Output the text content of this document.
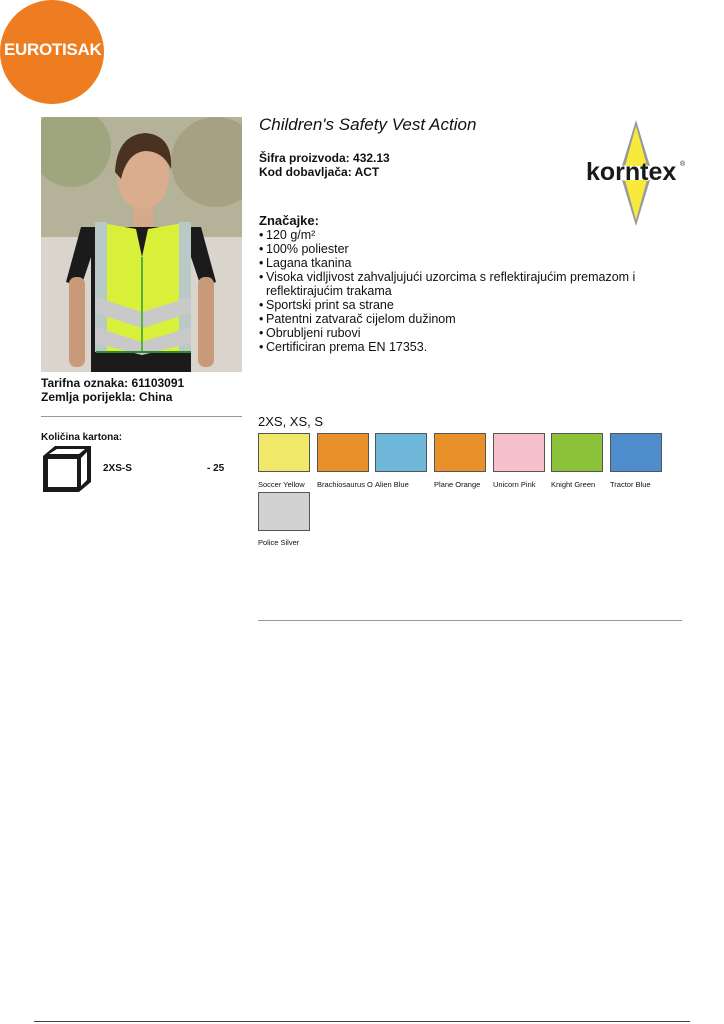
EUROTISAK
Children's Safety Vest Action
Šifra proizvoda: 432.13
Kod dobavljača: ACT	korntex ®
Značajke:
• 120 g/m²
• 100% poliester
• Lagana tkanina
• Visoka vidljivost zahvaljujući uzorcima s reflektirajućim premazom i reflektirajućim trakama
• Sportski print sa strane
• Patentni zatvarač cijelom dužinom
• Obrubljeni rubovi
• Certificiran prema EN 17353.
Tarifna oznaka: 61103091
Zemlja porijekla: China
Količina kartona:
2XS-S	- 25
2XS, XS, S
Soccer Yellow Brachiosaurus O Alien Blue	Plane Orange Unicorn Pink Knight Green Tractor Blue
Police Silver
